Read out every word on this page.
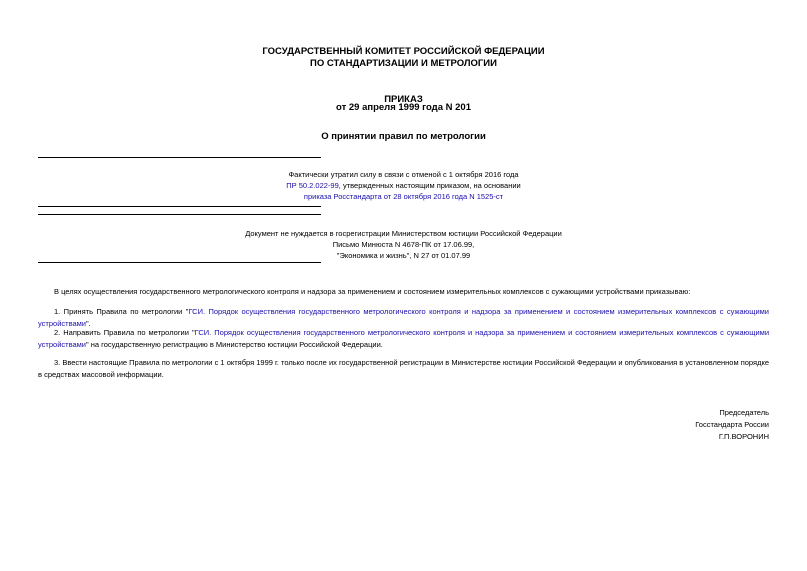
ГОСУДАРСТВЕННЫЙ КОМИТЕТ РОССИЙСКОЙ ФЕДЕРАЦИИ
ПО СТАНДАРТИЗАЦИИ И МЕТРОЛОГИИ
ПРИКАЗ
от 29 апреля 1999 года N 201
О принятии правил по метрологии
Фактически утратил силу в связи с отменой с 1 октября 2016 года
ПР 50.2.022-99, утвержденных настоящим приказом, на основании
приказа Росстандарта от 28 октября 2016 года N 1525-ст
Документ не нуждается в госрегистрации Министерством юстиции Российской Федерации
Письмо Минюста N 4678-ПК от 17.06.99,
"Экономика и жизнь", N 27 от 01.07.99
В целях осуществления государственного метрологического контроля и надзора за применением и состоянием измерительных комплексов с сужающими устройствами приказываю:
1. Принять Правила по метрологии "ГСИ. Порядок осуществления государственного метрологического контроля и надзора за применением и состоянием измерительных комплексов с сужающими устройствами".
2. Направить Правила по метрологии "ГСИ. Порядок осуществления государственного метрологического контроля и надзора за применением и состоянием измерительных комплексов с сужающими устройствами" на государственную регистрацию в Министерство юстиции Российской Федерации.
3. Ввести настоящие Правила по метрологии с 1 октября 1999 г. только после их государственной регистрации в Министерстве юстиции Российской Федерации и опубликования в установленном порядке в средствах массовой информации.
Председатель
Госстандарта России
Г.П.ВОРОНИН
